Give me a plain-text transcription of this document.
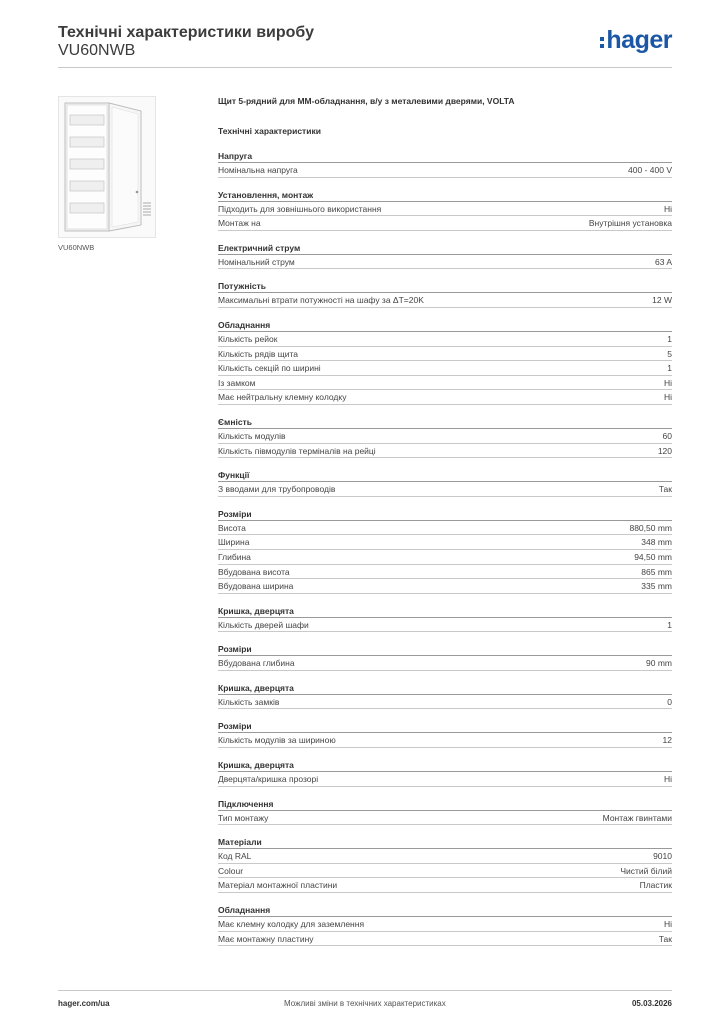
Технічні характеристики виробу
VU60NWB	hager
VU60NWB
Щит 5-рядний для ММ-обладнання, в/у з металевими дверями, VOLTA
Технічні характеристики
Напруга
Номінальна напруга	400 - 400 V
Установлення, монтаж
Підходить для зовнішнього використання	Ні
Монтаж на	Внутрішня установка
Електричний струм
Номінальний струм	63 A
Потужність
Максимальні втрати потужності на шафу за ΔT=20K	12 W
Обладнання
Кількість рейок	1
Кількість рядів щита	5
Кількість секцій по ширині	1
Із замком	Ні
Має нейтральну клемну колодку	Ні
Ємність
Кількість модулів	60
Кількість півмодулів терміналів на рейці	120
Функції
З вводами для трубопроводів	Так
Розміри
Висота	880,50 mm
Ширина	348 mm
Глибина	94,50 mm
Вбудована висота	865 mm
Вбудована ширина	335 mm
Кришка, дверцята
Кількість дверей шафи	1
Розміри
Вбудована глибина	90 mm
Кришка, дверцята
Кількість замків	0
Розміри
Кількість модулів за шириною	12
Кришка, дверцята
Дверцята/кришка прозорі	Ні
Підключення
Тип монтажу	Монтаж гвинтами
Матеріали
Код RAL	9010
Colour	Чистий білий
Матеріал монтажної пластини	Пластик
Обладнання
Має клемну колодку для заземлення	Ні
Має монтажну пластину	Так
hager.com/ua	Можливі зміни в технічних характеристиках	05.03.2026
